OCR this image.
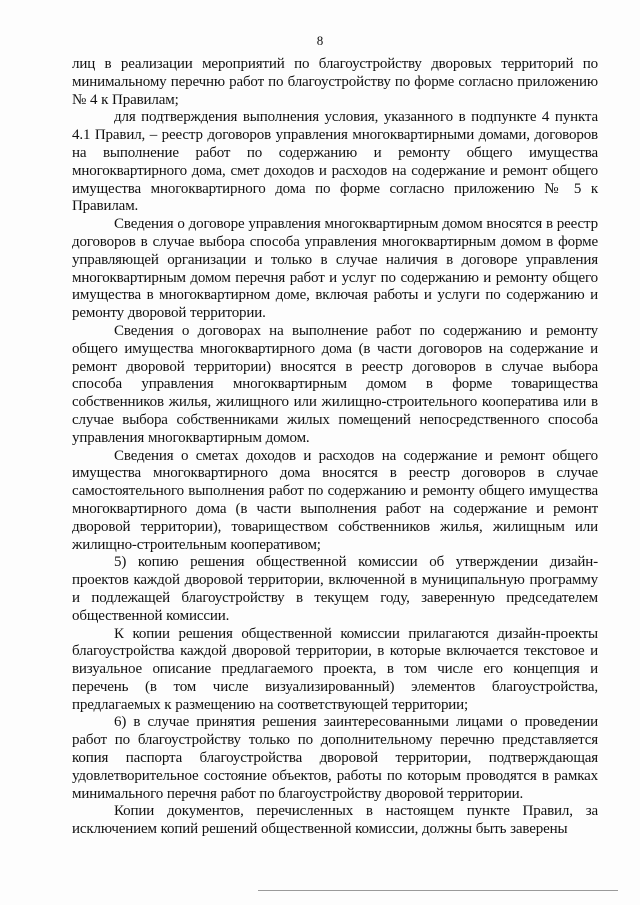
8

лиц в реализации мероприятий по благоустройству дворовых территорий по минимальному перечню работ по благоустройству по форме согласно приложению № 4 к Правилам;

для подтверждения выполнения условия, указанного в подпункте 4 пункта 4.1 Правил, – реестр договоров управления многоквартирными домами, договоров на выполнение работ по содержанию и ремонту общего имущества многоквартирного дома, смет доходов и расходов на содержание и ремонт общего имущества многоквартирного дома по форме согласно приложению № 5 к Правилам.

Сведения о договоре управления многоквартирным домом вносятся в реестр договоров в случае выбора способа управления многоквартирным домом в форме управляющей организации и только в случае наличия в договоре управления многоквартирным домом перечня работ и услуг по содержанию и ремонту общего имущества в многоквартирном доме, включая работы и услуги по содержанию и ремонту дворовой территории.

Сведения о договорах на выполнение работ по содержанию и ремонту общего имущества многоквартирного дома (в части договоров на содержание и ремонт дворовой территории) вносятся в реестр договоров в случае выбора способа управления многоквартирным домом в форме товарищества собственников жилья, жилищного или жилищно-строительного кооператива или в случае выбора собственниками жилых помещений непосредственного способа управления многоквартирным домом.

Сведения о сметах доходов и расходов на содержание и ремонт общего имущества многоквартирного дома вносятся в реестр договоров в случае самостоятельного выполнения работ по содержанию и ремонту общего имущества многоквартирного дома (в части выполнения работ на содержание и ремонт дворовой территории), товариществом собственников жилья, жилищным или жилищно-строительным кооперативом;

5) копию решения общественной комиссии об утверждении дизайн-проектов каждой дворовой территории, включенной в муниципальную программу и подлежащей благоустройству в текущем году, заверенную председателем общественной комиссии.

К копии решения общественной комиссии прилагаются дизайн-проекты благоустройства каждой дворовой территории, в которые включается текстовое и визуальное описание предлагаемого проекта, в том числе его концепция и перечень (в том числе визуализированный) элементов благоустройства, предлагаемых к размещению на соответствующей территории;

6) в случае принятия решения заинтересованными лицами о проведении работ по благоустройству только по дополнительному перечню представляется копия паспорта благоустройства дворовой территории, подтверждающая удовлетворительное состояние объектов, работы по которым проводятся в рамках минимального перечня работ по благоустройству дворовой территории.

Копии документов, перечисленных в настоящем пункте Правил, за исключением копий решений общественной комиссии, должны быть заверены
